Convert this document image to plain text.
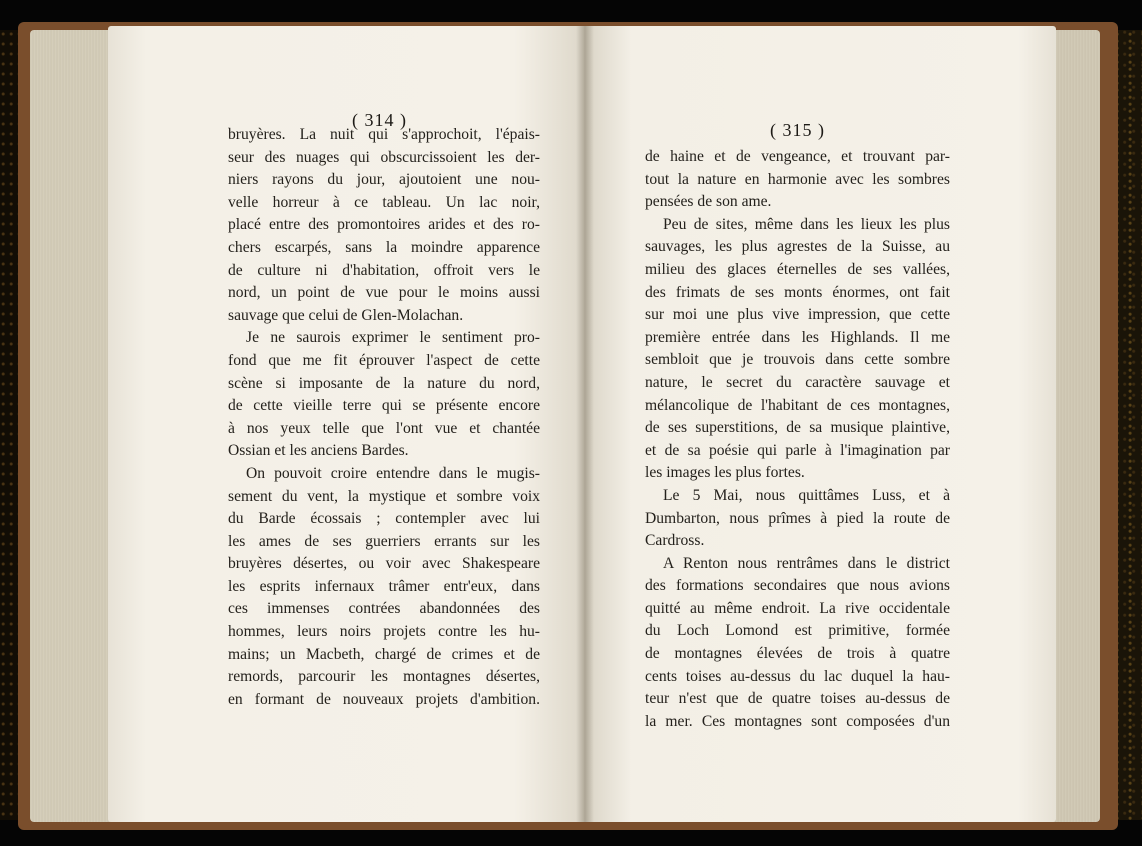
( 314 )	( 315 )

bruyères. La nuit qui s'approchoit, l'épais-

seur des nuages qui obscurcissoient les der-

niers rayons du jour, ajoutoient une nou-

velle horreur à ce tableau. Un lac noir,

placé entre des promontoires arides et des ro-

chers escarpés, sans la moindre apparence

de culture ni d'habitation, offroit vers le

nord, un point de vue pour le moins aussi

sauvage que celui de Glen-Molachan.

Je ne saurois exprimer le sentiment pro-

fond que me fit éprouver l'aspect de cette

scène si imposante de la nature du nord,

de cette vieille terre qui se présente encore

à nos yeux telle que l'ont vue et chantée

Ossian et les anciens Bardes.

On pouvoit croire entendre dans le mugis-

sement du vent, la mystique et sombre voix

du Barde écossais ; contempler avec lui

les ames de ses guerriers errants sur les

bruyères désertes, ou voir avec Shakespeare

les esprits infernaux trâmer entr'eux, dans

ces immenses contrées abandonnées des

hommes, leurs noirs projets contre les hu-

mains; un Macbeth, chargé de crimes et de

remords, parcourir les montagnes désertes,

en formant de nouveaux projets d'ambition.

de haine et de vengeance, et trouvant par-

tout la nature en harmonie avec les sombres

pensées de son ame.

Peu de sites, même dans les lieux les plus

sauvages, les plus agrestes de la Suisse, au

milieu des glaces éternelles de ses vallées,

des frimats de ses monts énormes, ont fait

sur moi une plus vive impression, que cette

première entrée dans les Highlands. Il me

sembloit que je trouvois dans cette sombre

nature, le secret du caractère sauvage et

mélancolique de l'habitant de ces montagnes,

de ses superstitions, de sa musique plaintive,

et de sa poésie qui parle à l'imagination par

les images les plus fortes.

Le 5 Mai, nous quittâmes Luss, et à

Dumbarton, nous prîmes à pied la route de

Cardross.

A Renton nous rentrâmes dans le district

des formations secondaires que nous avions

quitté au même endroit. La rive occidentale

du Loch Lomond est primitive, formée

de montagnes élevées de trois à quatre

cents toises au-dessus du lac duquel la hau-

teur n'est que de quatre toises au-dessus de

la mer. Ces montagnes sont composées d'un
